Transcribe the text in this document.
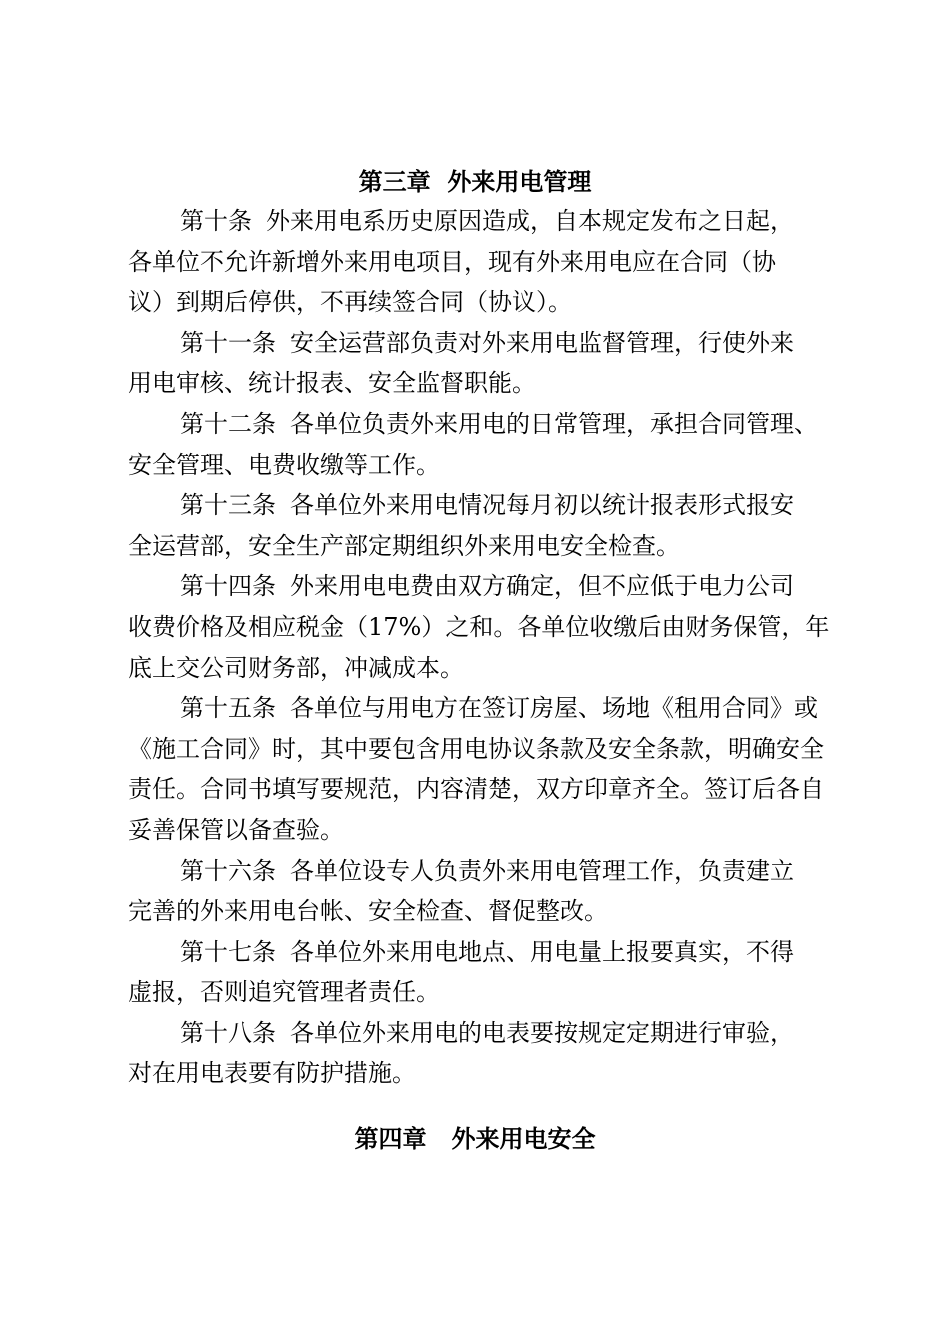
第三章  外来用电管理
第十条 外来用电系历史原因造成，自本规定发布之日起，
各单位不允许新增外来用电项目，现有外来用电应在合同（协
议）到期后停供，不再续签合同（协议）。
第十一条 安全运营部负责对外来用电监督管理，行使外来
用电审核、统计报表、安全监督职能。
第十二条 各单位负责外来用电的日常管理，承担合同管理、
安全管理、电费收缴等工作。
第十三条 各单位外来用电情况每月初以统计报表形式报安
全运营部，安全生产部定期组织外来用电安全检查。
第十四条 外来用电电费由双方确定，但不应低于电力公司
收费价格及相应税金（17%）之和。各单位收缴后由财务保管，年
底上交公司财务部，冲减成本。
第十五条 各单位与用电方在签订房屋、场地《租用合同》或
《施工合同》时，其中要包含用电协议条款及安全条款，明确安全
责任。合同书填写要规范，内容清楚，双方印章齐全。签订后各自
妥善保管以备查验。
第十六条 各单位设专人负责外来用电管理工作，负责建立
完善的外来用电台帐、安全检查、督促整改。
第十七条 各单位外来用电地点、用电量上报要真实，不得
虚报，否则追究管理者责任。
第十八条 各单位外来用电的电表要按规定定期进行审验，
对在用电表要有防护措施。
第四章   外来用电安全
